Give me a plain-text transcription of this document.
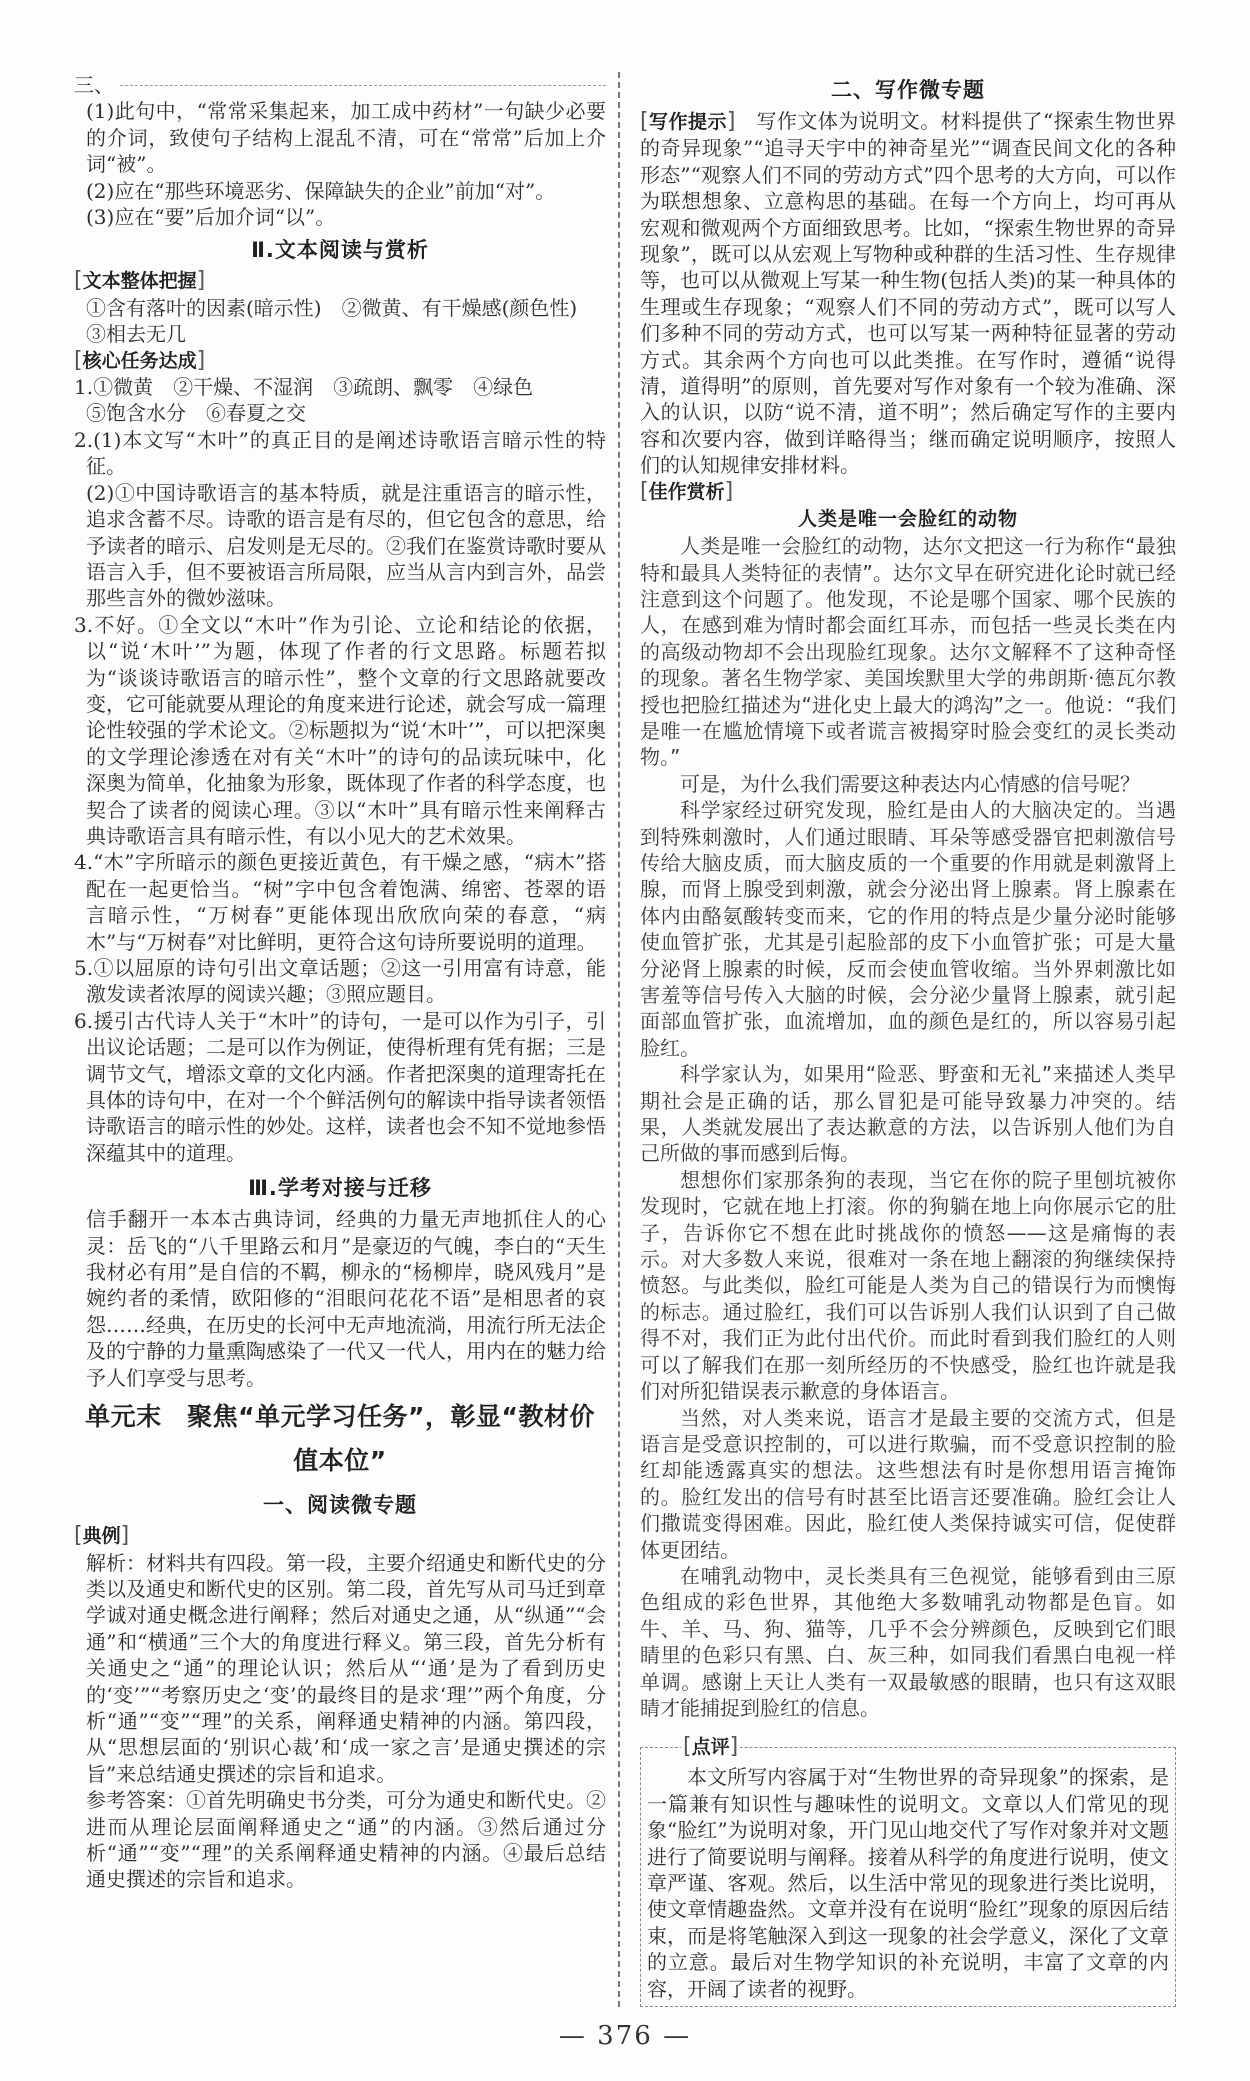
三、

(1)此句中，“常常采集起来，加工成中药材”一句缺少必要的介词，致使句子结构上混乱不清，可在“常常”后加上介词“被”。

(2)应在“那些环境恶劣、保障缺失的企业”前加“对”。

(3)应在“要”后加介词“以”。

Ⅱ.文本阅读与赏析
[文本整体把握]

①含有落叶的因素(暗示性)　②微黄、有干燥感(颜色性)

③相去无几

[核心任务达成]

1.①微黄　②干燥、不湿润　③疏朗、飘零　④绿色

⑤饱含水分　⑥春夏之交

2.(1)本文写“木叶”的真正目的是阐述诗歌语言暗示性的特征。

(2)①中国诗歌语言的基本特质，就是注重语言的暗示性，追求含蓄不尽。诗歌的语言是有尽的，但它包含的意思，给予读者的暗示、启发则是无尽的。②我们在鉴赏诗歌时要从语言入手，但不要被语言所局限，应当从言内到言外，品尝那些言外的微妙滋味。

3.不好。①全文以“木叶”作为引论、立论和结论的依据，以“说‘木叶’”为题，体现了作者的行文思路。标题若拟为“谈谈诗歌语言的暗示性”，整个文章的行文思路就要改变，它可能就要从理论的角度来进行论述，就会写成一篇理论性较强的学术论文。②标题拟为“说‘木叶’”，可以把深奥的文学理论渗透在对有关“木叶”的诗句的品读玩味中，化深奥为简单，化抽象为形象，既体现了作者的科学态度，也契合了读者的阅读心理。③以“木叶”具有暗示性来阐释古典诗歌语言具有暗示性，有以小见大的艺术效果。

4.“木”字所暗示的颜色更接近黄色，有干燥之感，“病木”搭配在一起更恰当。“树”字中包含着饱满、绵密、苍翠的语言暗示性，“万树春”更能体现出欣欣向荣的春意，“病木”与“万树春”对比鲜明，更符合这句诗所要说明的道理。

5.①以屈原的诗句引出文章话题；②这一引用富有诗意，能激发读者浓厚的阅读兴趣；③照应题目。

6.援引古代诗人关于“木叶”的诗句，一是可以作为引子，引出议论话题；二是可以作为例证，使得析理有凭有据；三是调节文气，增添文章的文化内涵。作者把深奥的道理寄托在具体的诗句中，在对一个个鲜活例句的解读中指导读者领悟诗歌语言的暗示性的妙处。这样，读者也会不知不觉地参悟深蕴其中的道理。

Ⅲ.学考对接与迁移

信手翻开一本本古典诗词，经典的力量无声地抓住人的心灵：岳飞的“八千里路云和月”是豪迈的气魄，李白的“天生我材必有用”是自信的不羁，柳永的“杨柳岸，晓风残月”是婉约者的柔情，欧阳修的“泪眼问花花不语”是相思者的哀怨……经典，在历史的长河中无声地流淌，用流行所无法企及的宁静的力量熏陶感染了一代又一代人，用内在的魅力给予人们享受与思考。

单元末　聚焦“单元学习任务”，彰显“教材价值本位”
一、阅读微专题
[典例]

解析：材料共有四段。第一段，主要介绍通史和断代史的分类以及通史和断代史的区别。第二段，首先写从司马迁到章学诚对通史概念进行阐释；然后对通史之通，从“纵通”“会通”和“横通”三个大的角度进行释义。第三段，首先分析有关通史之“通”的理论认识；然后从“‘通’是为了看到历史的‘变’”“考察历史之‘变’的最终目的是求‘理’”两个角度，分析“通”“变”“理”的关系，阐释通史精神的内涵。第四段，从“思想层面的‘别识心裁’和‘成一家之言’是通史撰述的宗旨”来总结通史撰述的宗旨和追求。

参考答案：①首先明确史书分类，可分为通史和断代史。②进而从理论层面阐释通史之“通”的内涵。③然后通过分析“通”“变”“理”的关系阐释通史精神的内涵。④最后总结通史撰述的宗旨和追求。

二、写作微专题

[写作提示]　 写作文体为说明文。材料提供了“探索生物世界的奇异现象”“追寻天宇中的神奇星光”“调查民间文化的各种形态”“观察人们不同的劳动方式”四个思考的大方向，可以作为联想想象、立意构思的基础。在每一个方向上，均可再从宏观和微观两个方面细致思考。比如，“探索生物世界的奇异现象”，既可以从宏观上写物种或种群的生活习性、生存规律等，也可以从微观上写某一种生物(包括人类)的某一种具体的生理或生存现象；“观察人们不同的劳动方式”，既可以写人们多种不同的劳动方式，也可以写某一两种特征显著的劳动方式。其余两个方向也可以此类推。在写作时，遵循“说得清，道得明”的原则，首先要对写作对象有一个较为准确、深入的认识，以防“说不清，道不明”；然后确定写作的主要内容和次要内容，做到详略得当；继而确定说明顺序，按照人们的认知规律安排材料。

[佳作赏析]
人类是唯一会脸红的动物

人类是唯一会脸红的动物，达尔文把这一行为称作“最独特和最具人类特征的表情”。达尔文早在研究进化论时就已经注意到这个问题了。他发现，不论是哪个国家、哪个民族的人，在感到难为情时都会面红耳赤，而包括一些灵长类在内的高级动物却不会出现脸红现象。达尔文解释不了这种奇怪的现象。著名生物学家、美国埃默里大学的弗朗斯·德瓦尔教授也把脸红描述为“进化史上最大的鸿沟”之一。他说：“我们是唯一在尴尬情境下或者谎言被揭穿时脸会变红的灵长类动物。”

可是，为什么我们需要这种表达内心情感的信号呢？

科学家经过研究发现，脸红是由人的大脑决定的。当遇到特殊刺激时，人们通过眼睛、耳朵等感受器官把刺激信号传给大脑皮质，而大脑皮质的一个重要的作用就是刺激肾上腺，而肾上腺受到刺激，就会分泌出肾上腺素。肾上腺素在体内由酪氨酸转变而来，它的作用的特点是少量分泌时能够使血管扩张，尤其是引起脸部的皮下小血管扩张；可是大量分泌肾上腺素的时候，反而会使血管收缩。当外界刺激比如害羞等信号传入大脑的时候，会分泌少量肾上腺素，就引起面部血管扩张，血流增加，血的颜色是红的，所以容易引起脸红。

科学家认为，如果用“险恶、野蛮和无礼”来描述人类早期社会是正确的话，那么冒犯是可能导致暴力冲突的。结果，人类就发展出了表达歉意的方法，以告诉别人他们为自己所做的事而感到后悔。

想想你们家那条狗的表现，当它在你的院子里刨坑被你发现时，它就在地上打滚。你的狗躺在地上向你展示它的肚子，告诉你它不想在此时挑战你的愤怒——这是痛悔的表示。对大多数人来说，很难对一条在地上翻滚的狗继续保持愤怒。与此类似，脸红可能是人类为自己的错误行为而懊悔的标志。通过脸红，我们可以告诉别人我们认识到了自己做得不对，我们正为此付出代价。而此时看到我们脸红的人则可以了解我们在那一刻所经历的不快感受，脸红也许就是我们对所犯错误表示歉意的身体语言。

当然，对人类来说，语言才是最主要的交流方式，但是语言是受意识控制的，可以进行欺骗，而不受意识控制的脸红却能透露真实的想法。这些想法有时是你想用语言掩饰的。脸红发出的信号有时甚至比语言还要准确。脸红会让人们撒谎变得困难。因此，脸红使人类保持诚实可信，促使群体更团结。

在哺乳动物中，灵长类具有三色视觉，能够看到由三原色组成的彩色世界，其他绝大多数哺乳动物都是色盲。如牛、羊、马、狗、猫等，几乎不会分辨颜色，反映到它们眼睛里的色彩只有黑、白、灰三种，如同我们看黑白电视一样单调。感谢上天让人类有一双最敏感的眼睛，也只有这双眼睛才能捕捉到脸红的信息。

[点评]

本文所写内容属于对“生物世界的奇异现象”的探索，是一篇兼有知识性与趣味性的说明文。文章以人们常见的现象“脸红”为说明对象，开门见山地交代了写作对象并对文题进行了简要说明与阐释。接着从科学的角度进行说明，使文章严谨、客观。然后，以生活中常见的现象进行类比说明，使文章情趣盎然。文章并没有在说明“脸红”现象的原因后结束，而是将笔触深入到这一现象的社会学意义，深化了文章的立意。最后对生物学知识的补充说明，丰富了文章的内容，开阔了读者的视野。

— 376 —
